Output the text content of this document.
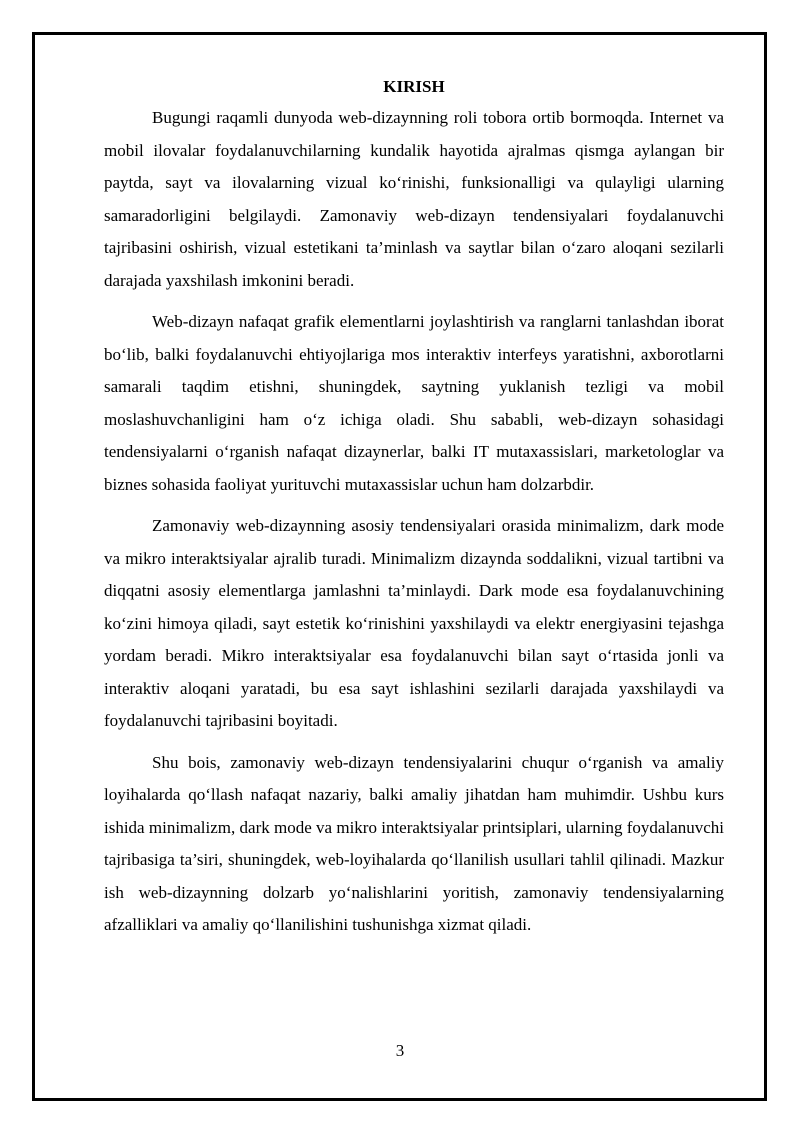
KIRISH

Bugungi raqamli dunyoda web-dizaynning roli tobora ortib bormoqda. Internet va mobil ilovalar foydalanuvchilarning kundalik hayotida ajralmas qismga aylangan bir paytda, sayt va ilovalarning vizual ko‘rinishi, funksionalligi va qulayligi ularning samaradorligini belgilaydi. Zamonaviy web-dizayn tendensiyalari foydalanuvchi tajribasini oshirish, vizual estetikani ta’minlash va saytlar bilan o‘zaro aloqani sezilarli darajada yaxshilash imkonini beradi.

Web-dizayn nafaqat grafik elementlarni joylashtirish va ranglarni tanlashdan iborat bo‘lib, balki foydalanuvchi ehtiyojlariga mos interaktiv interfeys yaratishni, axborotlarni samarali taqdim etishni, shuningdek, saytning yuklanish tezligi va mobil moslashuvchanligini ham o‘z ichiga oladi. Shu sababli, web-dizayn sohasidagi tendensiyalarni o‘rganish nafaqat dizaynerlar, balki IT mutaxassislari, marketologlar va biznes sohasida faoliyat yurituvchi mutaxassislar uchun ham dolzarbdir.

Zamonaviy web-dizaynning asosiy tendensiyalari orasida minimalizm, dark mode va mikro interaktsiyalar ajralib turadi. Minimalizm dizaynda soddalikni, vizual tartibni va diqqatni asosiy elementlarga jamlashni ta’minlaydi. Dark mode esa foydalanuvchining ko‘zini himoya qiladi, sayt estetik ko‘rinishini yaxshilaydi va elektr energiyasini tejashga yordam beradi. Mikro interaktsiyalar esa foydalanuvchi bilan sayt o‘rtasida jonli va interaktiv aloqani yaratadi, bu esa sayt ishlashini sezilarli darajada yaxshilaydi va foydalanuvchi tajribasini boyitadi.

Shu bois, zamonaviy web-dizayn tendensiyalarini chuqur o‘rganish va amaliy loyihalarda qo‘llash nafaqat nazariy, balki amaliy jihatdan ham muhimdir. Ushbu kurs ishida minimalizm, dark mode va mikro interaktsiyalar printsiplari, ularning foydalanuvchi tajribasiga ta’siri, shuningdek, web-loyihalarda qo‘llanilish usullari tahlil qilinadi. Mazkur ish web-dizaynning dolzarb yo‘nalishlarini yoritish, zamonaviy tendensiyalarning afzalliklari va amaliy qo‘llanilishini tushunishga xizmat qiladi.

3
